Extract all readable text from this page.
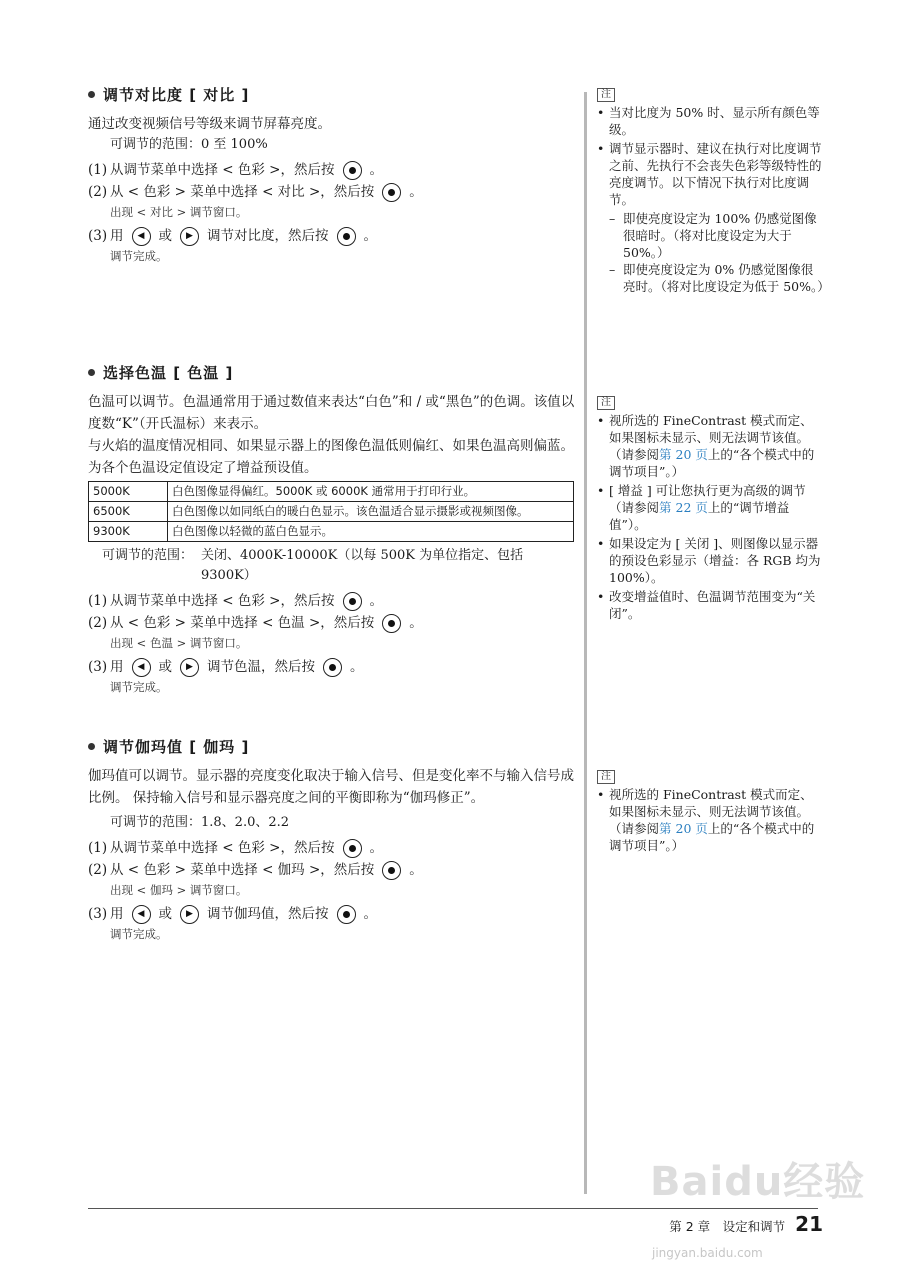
调节对比度 [ 对比 ]

通过改变视频信号等级来调节屏幕亮度。

可调节的范围：0 至 100%
(1) 从调节菜单中选择 < 色彩 >，然后按	。
(2) 从 < 色彩 > 菜单中选择 < 对比 >，然后按	。
出现 < 对比 > 调节窗口。
(3) 用	◀	或	▶	调节对比度，然后按	。
调节完成。
选择色温 [ 色温 ]

色温可以调节。色温通常用于通过数值来表达“白色”和 / 或“黑色”的色调。该值以度数“K”（开氏温标）来表示。

与火焰的温度情况相同、如果显示器上的图像色温低则偏红、如果色温高则偏蓝。为各个色温设定值设定了增益预设值。

5000K	白色图像显得偏红。5000K 或 6000K 通常用于打印行业。
6500K	白色图像以如同纸白的暖白色显示。该色温适合显示摄影或视频图像。
9300K	白色图像以轻微的蓝白色显示。
可调节的范围： 关闭、4000K-10000K（以每 500K 为单位指定、包括 9300K）
(1) 从调节菜单中选择 < 色彩 >，然后按	。
(2) 从 < 色彩 > 菜单中选择 < 色温 >，然后按	。
出现 < 色温 > 调节窗口。
(3) 用	◀	或	▶	调节色温，然后按	。
调节完成。
调节伽玛值 [ 伽玛 ]

伽玛值可以调节。显示器的亮度变化取决于输入信号、但是变化率不与输入信号成比例。 保持输入信号和显示器亮度之间的平衡即称为“伽玛修正”。

可调节的范围：1.8、2.0、2.2
(1) 从调节菜单中选择 < 色彩 >，然后按	。
(2) 从 < 色彩 > 菜单中选择 < 伽玛 >，然后按	。
出现 < 伽玛 > 调节窗口。
(3) 用	◀	或	▶	调节伽玛值，然后按	。
调节完成。
注
• 当对比度为 50% 时、显示所有颜色等级。
• 调节显示器时、建议在执行对比度调节之前、先执行不会丧失色彩等级特性的亮度调节。以下情况下执行对比度调节。
– 即使亮度设定为 100% 仍感觉图像很暗时。（将对比度设定为大于 50%。）
– 即使亮度设定为 0% 仍感觉图像很亮时。（将对比度设定为低于 50%。）
注
• 视所选的 FineContrast 模式而定、如果图标未显示、则无法调节该值。（请参阅第 20 页上的“各个模式中的调节项目”。）
• [ 增益 ] 可让您执行更为高级的调节（请参阅第 22 页上的“调节增益值”）。
• 如果设定为 [ 关闭 ]、则图像以显示器的预设色彩显示（增益：各 RGB 均为 100%）。
• 改变增益值时、色温调节范围变为“关闭”。
注
• 视所选的 FineContrast 模式而定、如果图标未显示、则无法调节该值。（请参阅第 20 页上的“各个模式中的调节项目”。）
Baidu经验
jingyan.baidu.com
第 2 章　设定和调节 21
